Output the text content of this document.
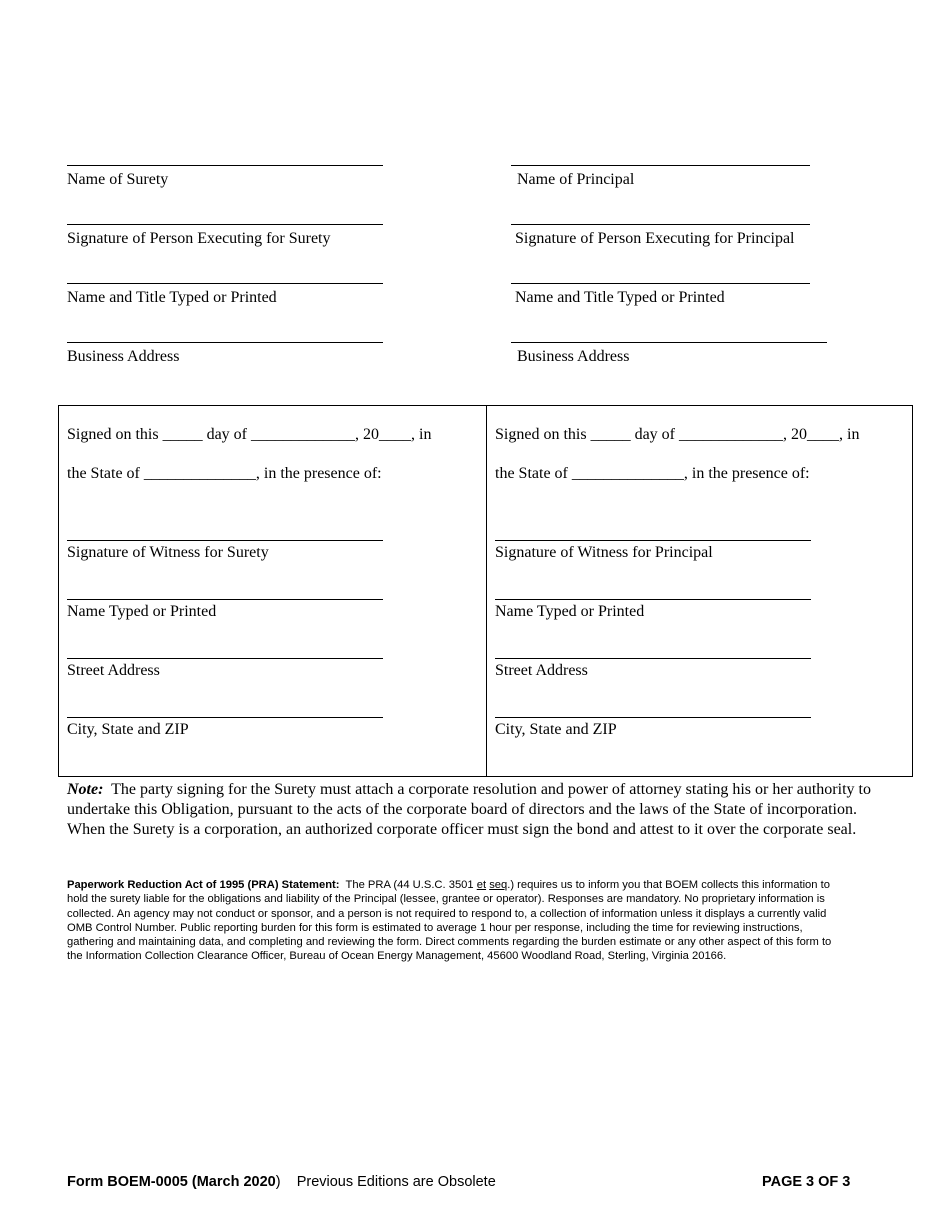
Name of Surety
Signature of Person Executing for Surety
Name and Title Typed or Printed
Business Address
Name of Principal
Signature of Person Executing for Principal
Name and Title Typed or Printed
Business Address
Signed on this _____ day of _____________, 20____, in
the State of ______________, in the presence of:
Signature of Witness for Surety
Name Typed or Printed
Street Address
City, State and ZIP
Signed on this _____ day of _____________, 20____, in
the State of ______________, in the presence of:
Signature of Witness for Principal
Name Typed or Printed
Street Address
City, State and ZIP
Note: The party signing for the Surety must attach a corporate resolution and power of attorney stating his or her authority to undertake this Obligation, pursuant to the acts of the corporate board of directors and the laws of the State of incorporation. When the Surety is a corporation, an authorized corporate officer must sign the bond and attest to it over the corporate seal.
Paperwork Reduction Act of 1995 (PRA) Statement: The PRA (44 U.S.C. 3501 et seq.) requires us to inform you that BOEM collects this information to hold the surety liable for the obligations and liability of the Principal (lessee, grantee or operator). Responses are mandatory. No proprietary information is collected. An agency may not conduct or sponsor, and a person is not required to respond to, a collection of information unless it displays a currently valid OMB Control Number. Public reporting burden for this form is estimated to average 1 hour per response, including the time for reviewing instructions, gathering and maintaining data, and completing and reviewing the form. Direct comments regarding the burden estimate or any other aspect of this form to the Information Collection Clearance Officer, Bureau of Ocean Energy Management, 45600 Woodland Road, Sterling, Virginia 20166.
Form BOEM-0005 (March 2020) Previous Editions are Obsolete	PAGE 3 OF 3
